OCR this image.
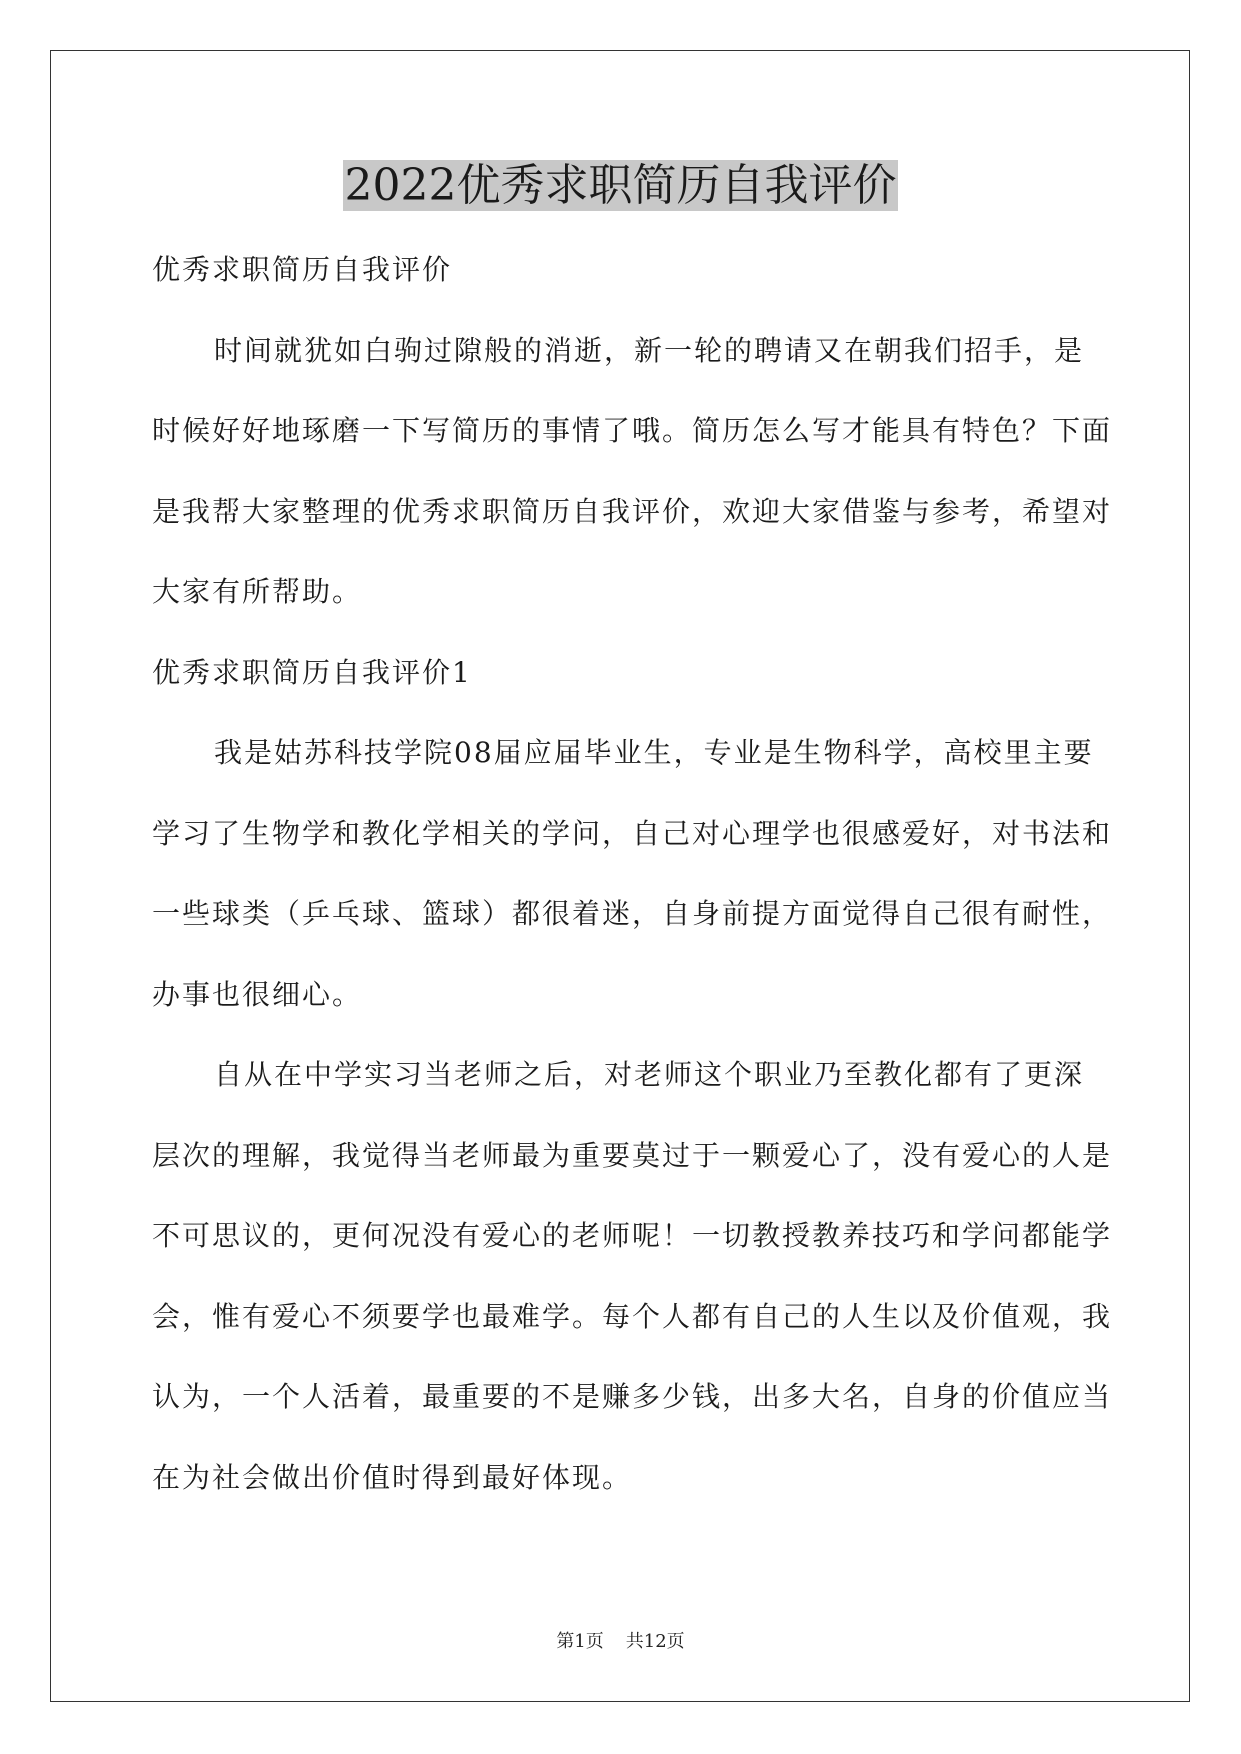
2022优秀求职简历自我评价

优秀求职简历自我评价

时间就犹如白驹过隙般的消逝，新一轮的聘请又在朝我们招手，是时候好好地琢磨一下写简历的事情了哦。简历怎么写才能具有特色？下面是我帮大家整理的优秀求职简历自我评价，欢迎大家借鉴与参考，希望对大家有所帮助。

优秀求职简历自我评价1

我是姑苏科技学院08届应届毕业生，专业是生物科学，高校里主要学习了生物学和教化学相关的学问，自己对心理学也很感爱好，对书法和一些球类（乒乓球、篮球）都很着迷，自身前提方面觉得自己很有耐性，办事也很细心。

自从在中学实习当老师之后，对老师这个职业乃至教化都有了更深层次的理解，我觉得当老师最为重要莫过于一颗爱心了，没有爱心的人是不可思议的，更何况没有爱心的老师呢！一切教授教养技巧和学问都能学会，惟有爱心不须要学也最难学。每个人都有自己的人生以及价值观，我认为，一个人活着，最重要的不是赚多少钱，出多大名，自身的价值应当在为社会做出价值时得到最好体现。

第1页 共12页
